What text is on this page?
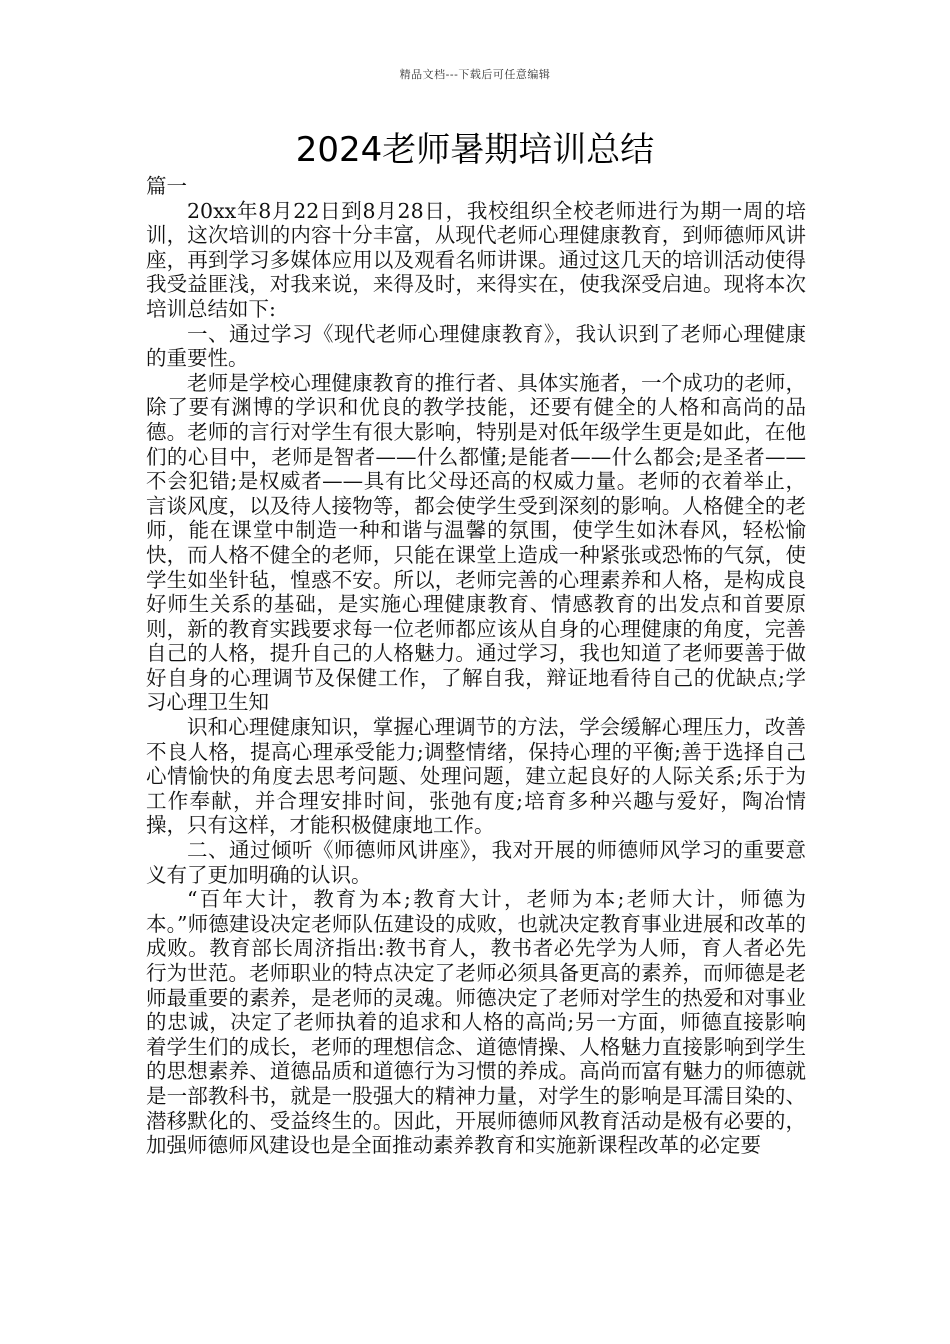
精品文档---下载后可任意编辑
2024老师暑期培训总结

篇一

20xx年8月22日到8月28日，我校组织全校老师进行为期一周的培训，这次培训的内容十分丰富，从现代老师心理健康教育，到师德师风讲座，再到学习多媒体应用以及观看名师讲课。通过这几天的培训活动使得我受益匪浅，对我来说，来得及时，来得实在，使我深受启迪。现将本次培训总结如下:

一、通过学习《现代老师心理健康教育》，我认识到了老师心理健康的重要性。

老师是学校心理健康教育的推行者、具体实施者，一个成功的老师，除了要有渊博的学识和优良的教学技能，还要有健全的人格和高尚的品德。老师的言行对学生有很大影响，特别是对低年级学生更是如此，在他们的心目中，老师是智者——什么都懂;是能者——什么都会;是圣者——不会犯错;是权威者——具有比父母还高的权威力量。老师的衣着举止，言谈风度，以及待人接物等，都会使学生受到深刻的影响。人格健全的老师，能在课堂中制造一种和谐与温馨的氛围，使学生如沐春风，轻松愉快，而人格不健全的老师，只能在课堂上造成一种紧张或恐怖的气氛，使学生如坐针毡，惶惑不安。所以，老师完善的心理素养和人格，是构成良好师生关系的基础，是实施心理健康教育、情感教育的出发点和首要原则，新的教育实践要求每一位老师都应该从自身的心理健康的角度，完善自己的人格，提升自己的人格魅力。通过学习，我也知道了老师要善于做好自身的心理调节及保健工作，了解自我，辩证地看待自己的优缺点;学习心理卫生知

识和心理健康知识，掌握心理调节的方法，学会缓解心理压力，改善不良人格，提高心理承受能力;调整情绪，保持心理的平衡;善于选择自己心情愉快的角度去思考问题、处理问题，建立起良好的人际关系;乐于为工作奉献，并合理安排时间，张弛有度;培育多种兴趣与爱好，陶冶情操，只有这样，才能积极健康地工作。

二、通过倾听《师德师风讲座》，我对开展的师德师风学习的重要意义有了更加明确的认识。

“百年大计，教育为本;教育大计，老师为本;老师大计，师德为本。”师德建设决定老师队伍建设的成败，也就决定教育事业进展和改革的成败。教育部长周济指出:教书育人，教书者必先学为人师，育人者必先行为世范。老师职业的特点决定了老师必须具备更高的素养，而师德是老师最重要的素养，是老师的灵魂。师德决定了老师对学生的热爱和对事业的忠诚，决定了老师执着的追求和人格的高尚;另一方面，师德直接影响着学生们的成长，老师的理想信念、道德情操、人格魅力直接影响到学生的思想素养、道德品质和道德行为习惯的养成。高尚而富有魅力的师德就是一部教科书，就是一股强大的精神力量，对学生的影响是耳濡目染的、潜移默化的、受益终生的。因此，开展师德师风教育活动是极有必要的，加强师德师风建设也是全面推动素养教育和实施新课程改革的必定要
